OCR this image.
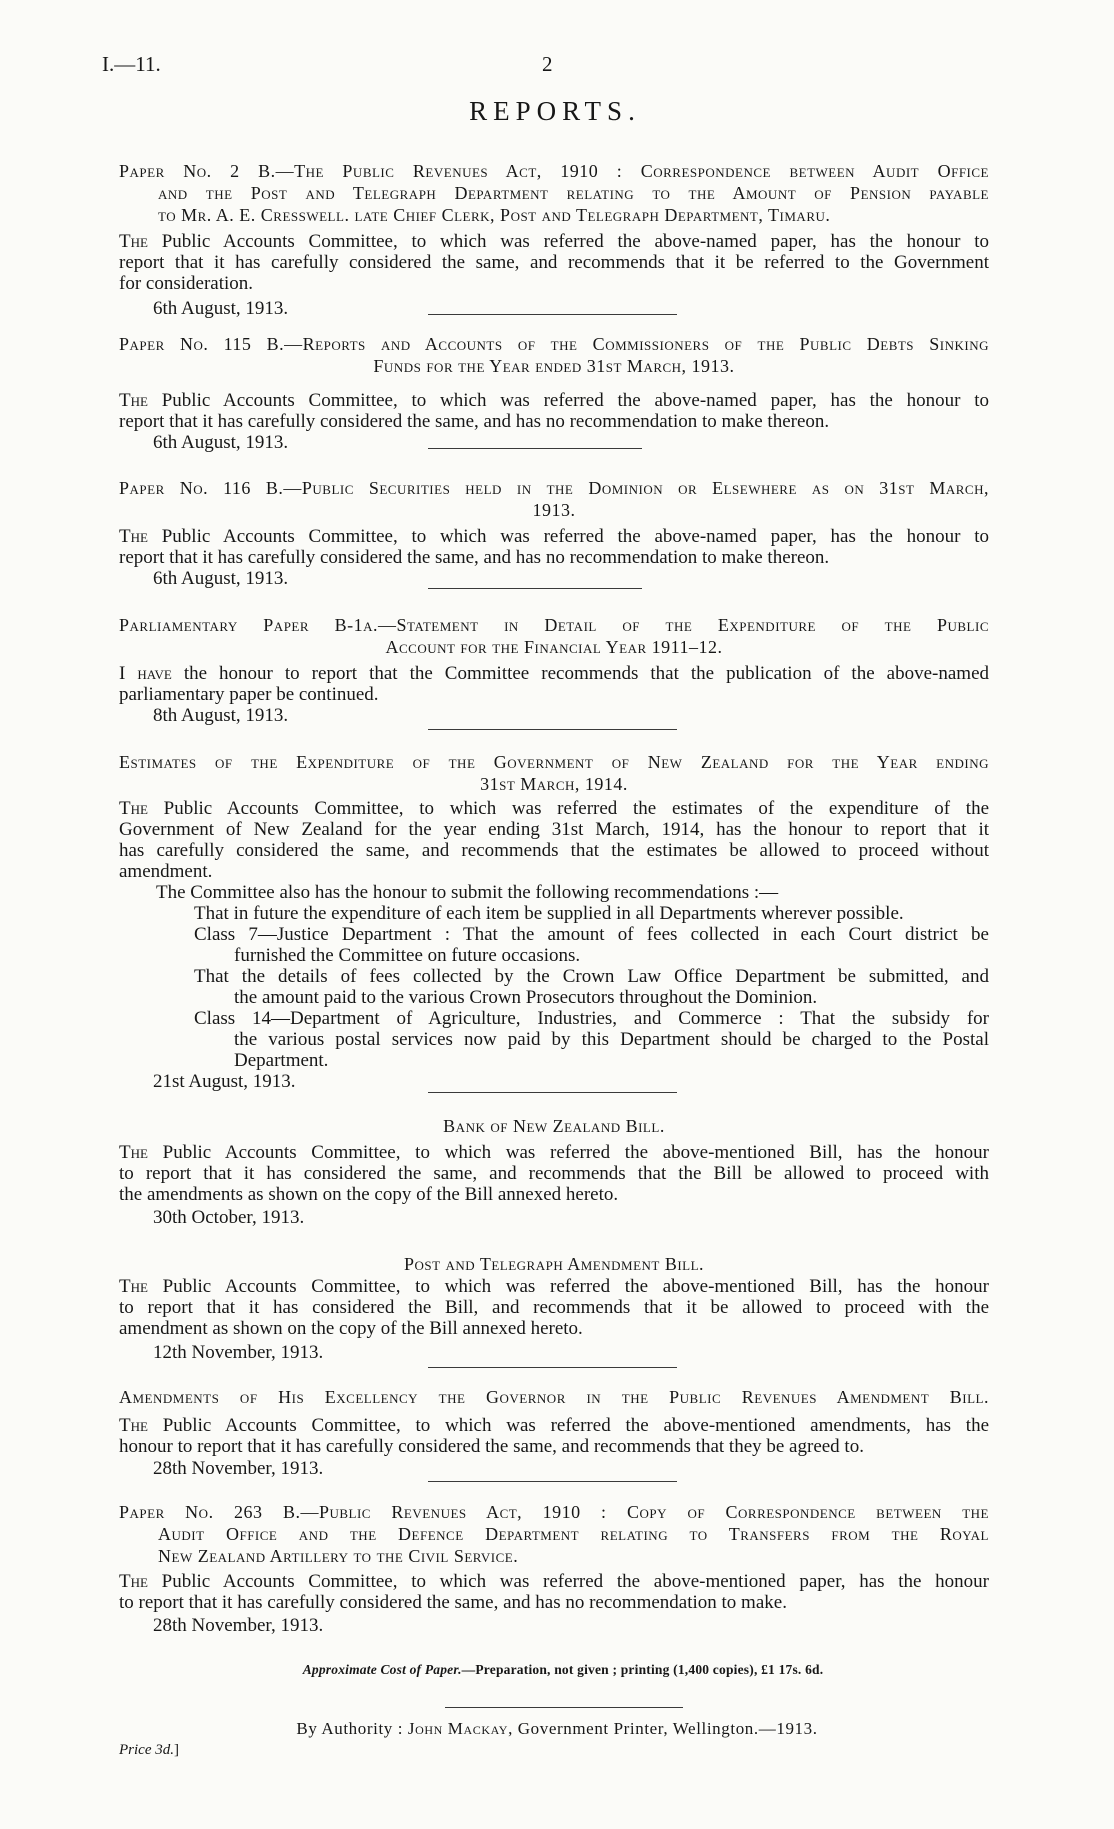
I.—11.	2
REPORTS.
Paper No. 2 B.—The Public Revenues Act, 1910 : Correspondence between Audit Office
and the Post and Telegraph Department relating to the Amount of Pension payable
to Mr. A. E. Cresswell. late Chief Clerk, Post and Telegraph Department, Timaru.
The Public Accounts Committee, to which was referred the above-named paper, has the honour to
report that it has carefully considered the same, and recommends that it be referred to the Government
for consideration.
6th August, 1913.
Paper No. 115 B.—Reports and Accounts of the Commissioners of the Public Debts Sinking
Funds for the Year ended 31st March, 1913.
The Public Accounts Committee, to which was referred the above-named paper, has the honour to
report that it has carefully considered the same, and has no recommendation to make thereon.
6th August, 1913.
Paper No. 116 B.—Public Securities held in the Dominion or Elsewhere as on 31st March,
1913.
The Public Accounts Committee, to which was referred the above-named paper, has the honour to
report that it has carefully considered the same, and has no recommendation to make thereon.
6th August, 1913.
Parliamentary Paper B-1a.—Statement in Detail of the Expenditure of the Public
Account for the Financial Year 1911–12.
I have the honour to report that the Committee recommends that the publication of the above-named
parliamentary paper be continued.
8th August, 1913.
Estimates of the Expenditure of the Government of New Zealand for the Year ending
31st March, 1914.
The Public Accounts Committee, to which was referred the estimates of the expenditure of the
Government of New Zealand for the year ending 31st March, 1914, has the honour to report that it
has carefully considered the same, and recommends that the estimates be allowed to proceed without
amendment.
The Committee also has the honour to submit the following recommendations :—
That in future the expenditure of each item be supplied in all Departments wherever possible.
Class 7—Justice Department : That the amount of fees collected in each Court district be
furnished the Committee on future occasions.
That the details of fees collected by the Crown Law Office Department be submitted, and
the amount paid to the various Crown Prosecutors throughout the Dominion.
Class 14—Department of Agriculture, Industries, and Commerce : That the subsidy for
the various postal services now paid by this Department should be charged to the Postal
Department.
21st August, 1913.
Bank of New Zealand Bill.
The Public Accounts Committee, to which was referred the above-mentioned Bill, has the honour
to report that it has considered the same, and recommends that the Bill be allowed to proceed with
the amendments as shown on the copy of the Bill annexed hereto.
30th October, 1913.
Post and Telegraph Amendment Bill.
The Public Accounts Committee, to which was referred the above-mentioned Bill, has the honour
to report that it has considered the Bill, and recommends that it be allowed to proceed with the
amendment as shown on the copy of the Bill annexed hereto.
12th November, 1913.
Amendments of His Excellency the Governor in the Public Revenues Amendment Bill.
The Public Accounts Committee, to which was referred the above-mentioned amendments, has the
honour to report that it has carefully considered the same, and recommends that they be agreed to.
28th November, 1913.
Paper No. 263 B.—Public Revenues Act, 1910 : Copy of Correspondence between the
Audit Office and the Defence Department relating to Transfers from the Royal
New Zealand Artillery to the Civil Service.
The Public Accounts Committee, to which was referred the above-mentioned paper, has the honour
to report that it has carefully considered the same, and has no recommendation to make.
28th November, 1913.
Approximate Cost of Paper.—Preparation, not given ; printing (1,400 copies), £1 17s. 6d.
By Authority : John Mackay, Government Printer, Wellington.—1913.
Price 3d.]
